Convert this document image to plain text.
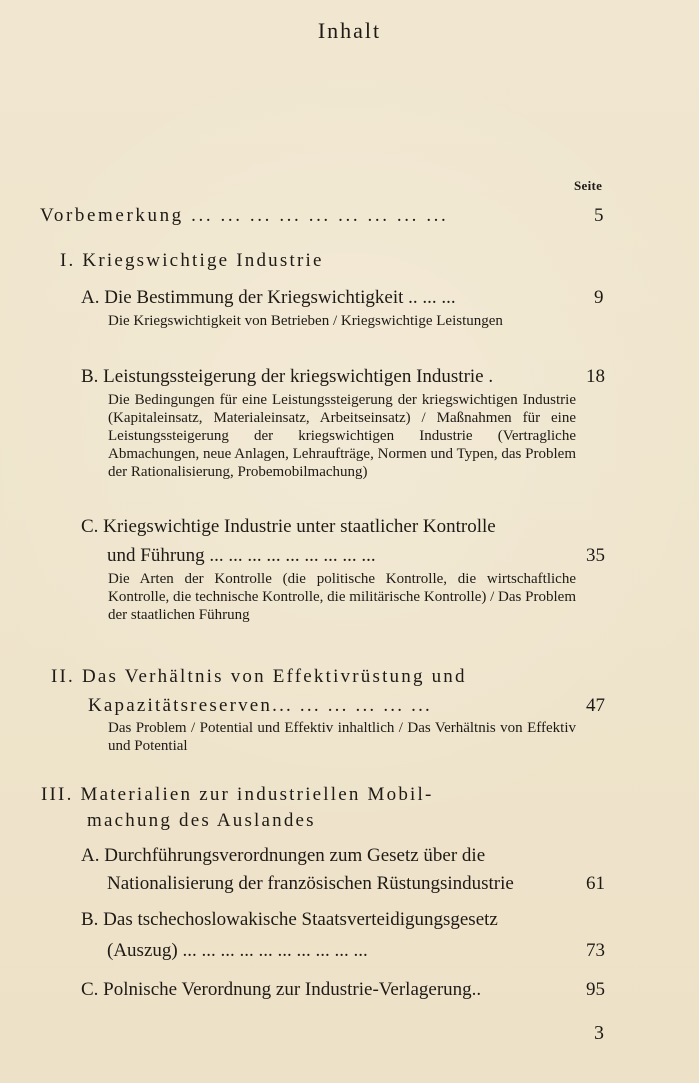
Inhalt
Seite
Vorbemerkung ... ... ... ... ... ... ... ... ...	5
I. Kriegswichtige Industrie
A. Die Bestimmung der Kriegswichtigkeit .. ... ...	9
Die Kriegswichtigkeit von Betrieben / Kriegswichtige Leistungen
B. Leistungssteigerung der kriegswichtigen Industrie .	18
Die Bedingungen für eine Leistungssteigerung der kriegswichtigen Industrie (Kapitaleinsatz, Materialeinsatz, Arbeitseinsatz) / Maßnahmen für eine Leistungssteigerung der kriegswichtigen Industrie (Vertragliche Abmachungen, neue Anlagen, Lehraufträge, Normen und Typen, das Problem der Rationalisierung, Probemobilmachung)
C. Kriegswichtige Industrie unter staatlicher Kontrolle
und Führung ... ... ... ... ... ... ... ... ...	35
Die Arten der Kontrolle (die politische Kontrolle, die wirtschaftliche Kontrolle, die technische Kontrolle, die militärische Kontrolle) / Das Problem der staatlichen Führung
II. Das Verhältnis von Effektivrüstung und
Kapazitätsreserven... ... ... ... ... ...	47
Das Problem / Potential und Effektiv inhaltlich / Das Verhältnis von Effektiv und Potential
III. Materialien zur industriellen Mobil-
machung des Auslandes
A. Durchführungsverordnungen zum Gesetz über die
Nationalisierung der französischen Rüstungsindustrie	61
B. Das tschechoslowakische Staatsverteidigungsgesetz
(Auszug) ... ... ... ... ... ... ... ... ... ...	73
C. Polnische Verordnung zur Industrie-Verlagerung..	95
3
